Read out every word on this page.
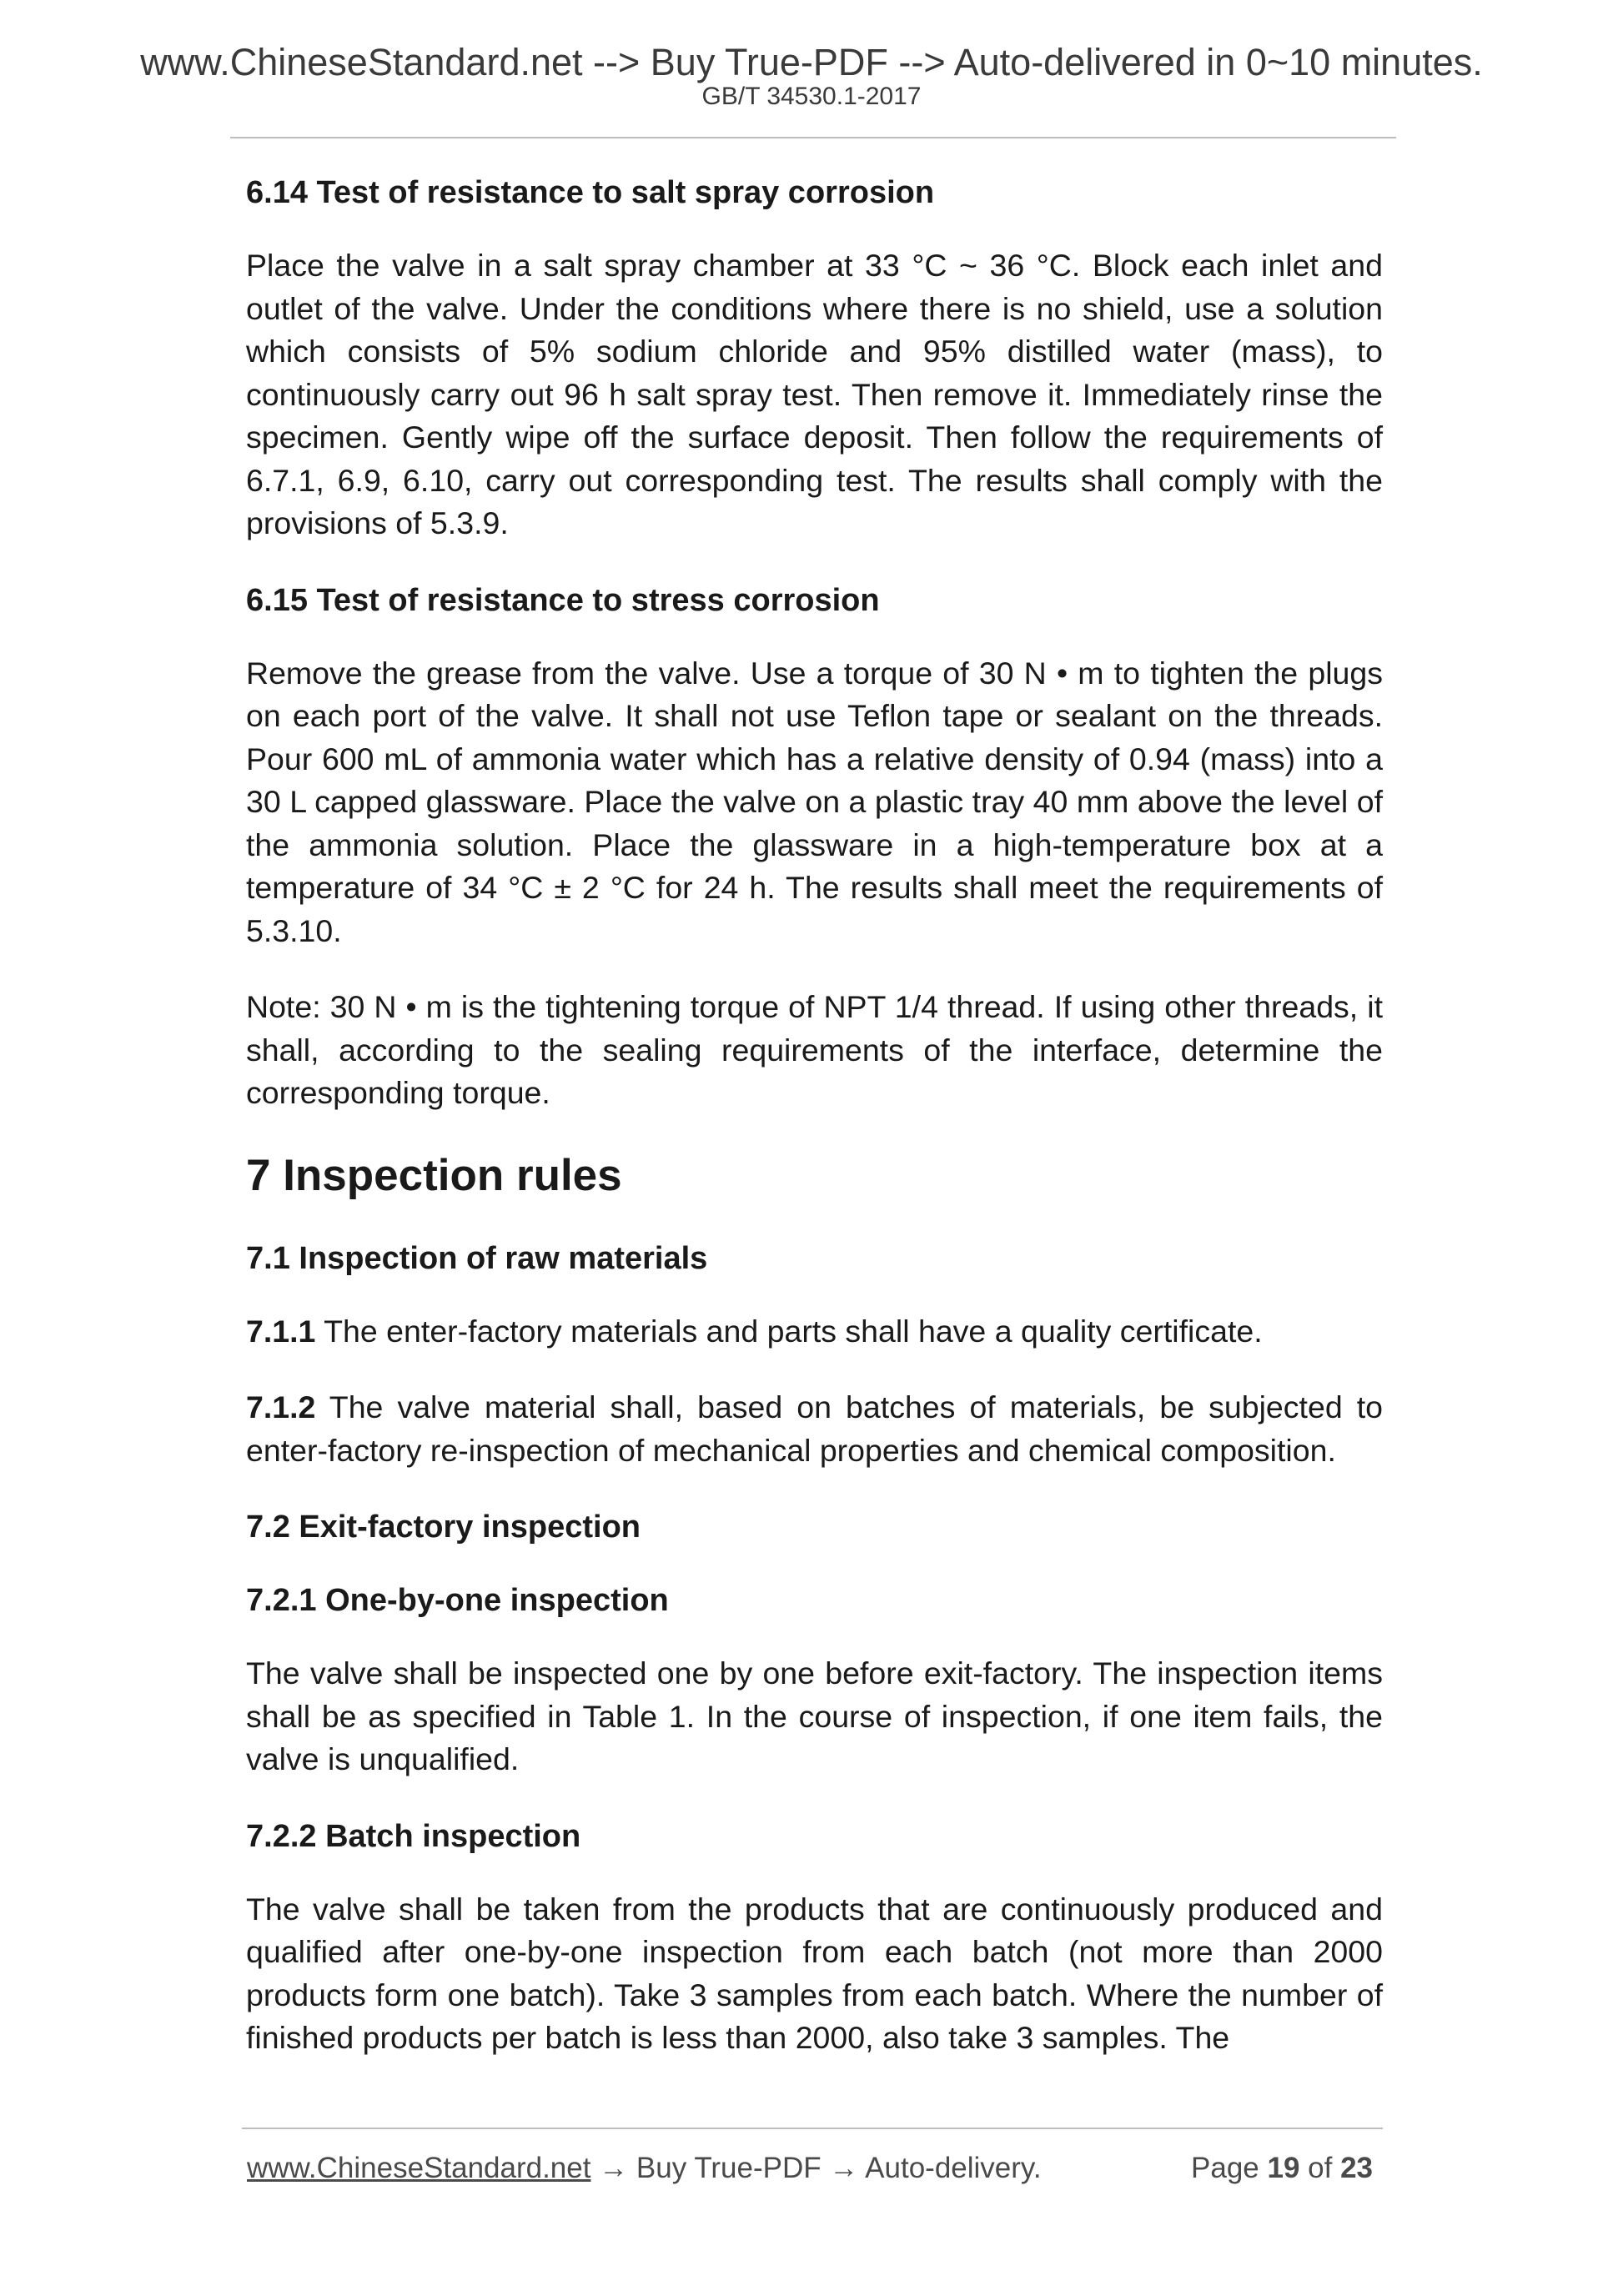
www.ChineseStandard.net --> Buy True-PDF --> Auto-delivered in 0~10 minutes.
GB/T 34530.1-2017
6.14 Test of resistance to salt spray corrosion

Place the valve in a salt spray chamber at 33 °C ~ 36 °C. Block each inlet and outlet of the valve. Under the conditions where there is no shield, use a solution which consists of 5% sodium chloride and 95% distilled water (mass), to continuously carry out 96 h salt spray test. Then remove it. Immediately rinse the specimen. Gently wipe off the surface deposit. Then follow the requirements of 6.7.1, 6.9, 6.10, carry out corresponding test. The results shall comply with the provisions of 5.3.9.

6.15 Test of resistance to stress corrosion

Remove the grease from the valve. Use a torque of 30 N • m to tighten the plugs on each port of the valve. It shall not use Teflon tape or sealant on the threads. Pour 600 mL of ammonia water which has a relative density of 0.94 (mass) into a 30 L capped glassware. Place the valve on a plastic tray 40 mm above the level of the ammonia solution. Place the glassware in a high-temperature box at a temperature of 34 °C ± 2 °C for 24 h. The results shall meet the requirements of 5.3.10.

Note: 30 N • m is the tightening torque of NPT 1/4 thread. If using other threads, it shall, according to the sealing requirements of the interface, determine the corresponding torque.

7 Inspection rules
7.1 Inspection of raw materials

7.1.1 The enter-factory materials and parts shall have a quality certificate.

7.1.2 The valve material shall, based on batches of materials, be subjected to enter-factory re-inspection of mechanical properties and chemical composition.

7.2 Exit-factory inspection
7.2.1 One-by-one inspection

The valve shall be inspected one by one before exit-factory. The inspection items shall be as specified in Table 1. In the course of inspection, if one item fails, the valve is unqualified.

7.2.2 Batch inspection

The valve shall be taken from the products that are continuously produced and qualified after one-by-one inspection from each batch (not more than 2000 products form one batch). Take 3 samples from each batch. Where the number of finished products per batch is less than 2000, also take 3 samples. The

www.ChineseStandard.net → Buy True-PDF → Auto-delivery.	Page 19 of 23
